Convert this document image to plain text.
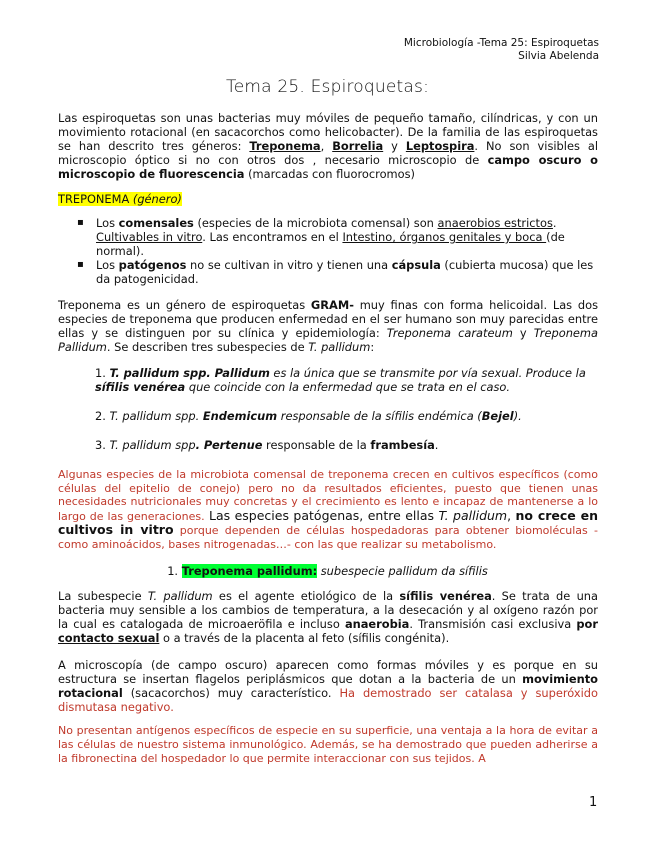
Microbiología -Tema 25: Espiroquetas
Silvia Abelenda
Tema 25. Espiroquetas:
Las espiroquetas son unas bacterias muy móviles de pequeño tamaño, cilíndricas, y con un movimiento rotacional (en sacacorchos como helicobacter). De la familia de las espiroquetas se han descrito tres géneros: Treponema, Borrelia y Leptospira. No son visibles al microscopio óptico si no con otros dos , necesario microscopio de campo oscuro o microscopio de fluorescencia (marcadas con fluorocromos)
TREPONEMA (género)
▪ Los comensales (especies de la microbiota comensal) son anaerobios estrictos. Cultivables in vitro. Las encontramos en el Intestino, órganos genitales y boca (de normal).
▪ Los patógenos no se cultivan in vitro y tienen una cápsula (cubierta mucosa) que les da patogenicidad.
Treponema es un género de espiroquetas GRAM- muy finas con forma helicoidal. Las dos especies de treponema que producen enfermedad en el ser humano son muy parecidas entre ellas y se distinguen por su clínica y epidemiología: Treponema carateum y Treponema Pallidum. Se describen tres subespecies de T. pallidum:
1. T. pallidum spp. Pallidum es la única que se transmite por vía sexual. Produce la sífilis venérea que coincide con la enfermedad que se trata en el caso.
2. T. pallidum spp. Endemicum responsable de la sífilis endémica (Bejel).
3. T. pallidum spp. Pertenue responsable de la frambesía.
Algunas especies de la microbiota comensal de treponema crecen en cultivos específicos (como células del epitelio de conejo) pero no da resultados eficientes, puesto que tienen unas necesidades nutricionales muy concretas y el crecimiento es lento e incapaz de mantenerse a lo largo de las generaciones. Las especies patógenas, entre ellas T. pallidum, no crece en cultivos in vitro porque dependen de células hospedadoras para obtener biomoléculas -como aminoácidos, bases nitrogenadas…- con las que realizar su metabolismo.
1. Treponema pallidum: subespecie pallidum da sífilis
La subespecie T. pallidum es el agente etiológico de la sífilis venérea. Se trata de una bacteria muy sensible a los cambios de temperatura, a la desecación y al oxígeno razón por la cual es catalogada de microaeröfila e incluso anaerobia. Transmisión casi exclusiva por contacto sexual o a través de la placenta al feto (sífilis congénita).
A microscopía (de campo oscuro) aparecen como formas móviles y es porque en su estructura se insertan flagelos periplásmicos que dotan a la bacteria de un movimiento rotacional (sacacorchos) muy característico. Ha demostrado ser catalasa y superóxido dismutasa negativo.
No presentan antígenos específicos de especie en su superficie, una ventaja a la hora de evitar a las células de nuestro sistema inmunológico. Además, se ha demostrado que pueden adherirse a la fibronectina del hospedador lo que permite interaccionar con sus tejidos. A
1
